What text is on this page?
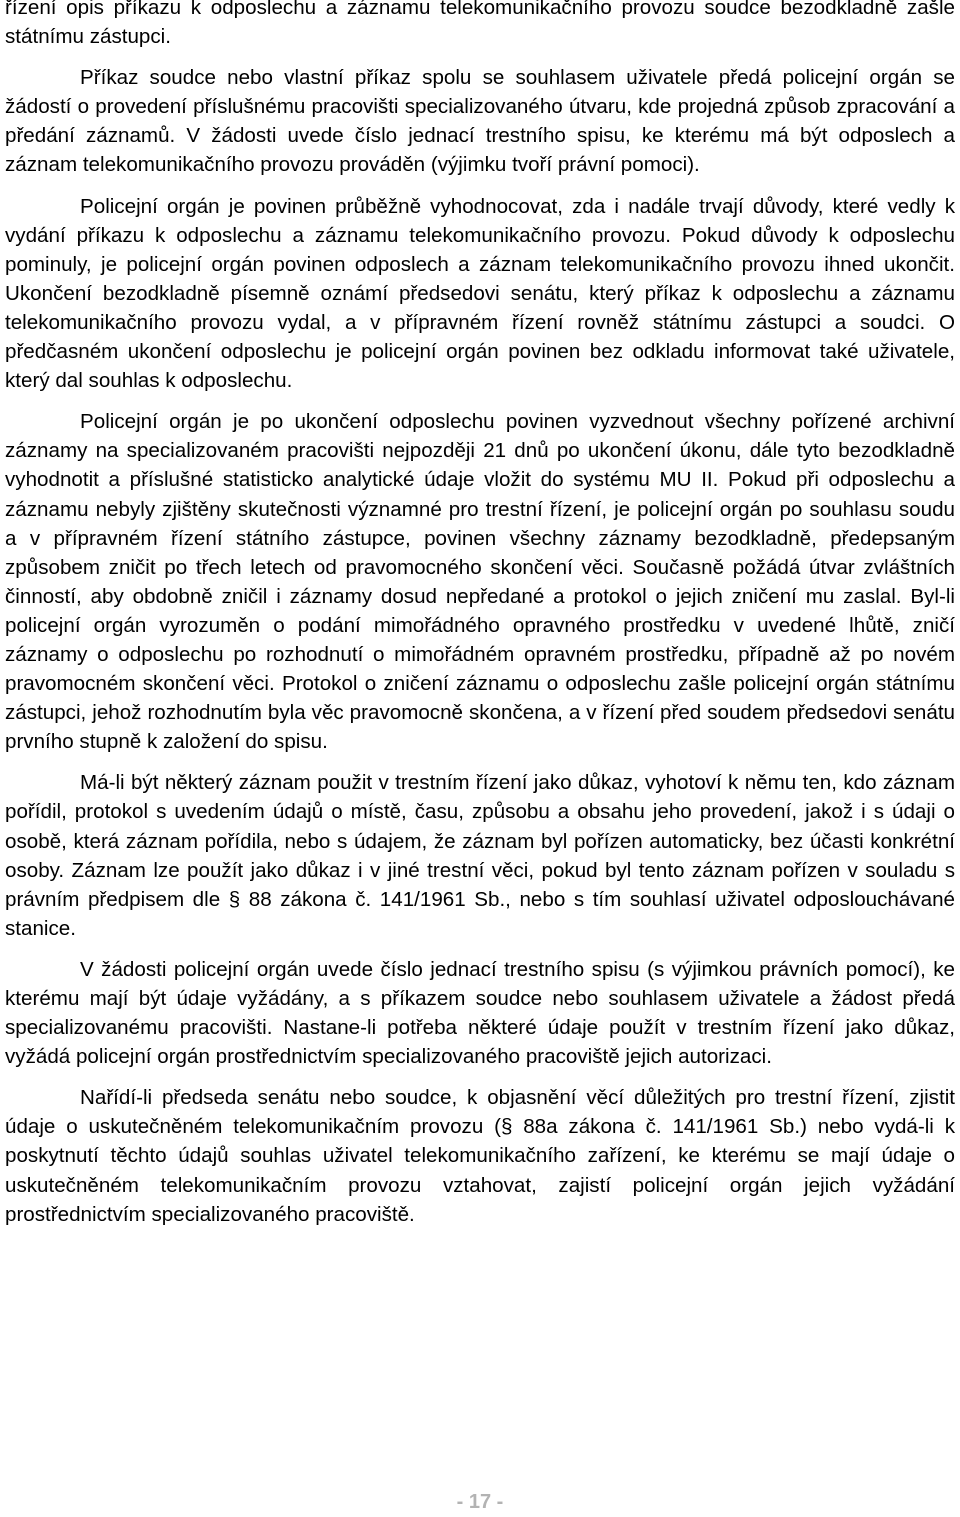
řízení opis příkazu k odposlechu a záznamu telekomunikačního provozu soudce bezodkladně zašle státnímu zástupci.

Příkaz soudce nebo vlastní příkaz spolu se souhlasem uživatele předá policejní orgán se žádostí o provedení příslušnému pracovišti specializovaného útvaru, kde projedná způsob zpracování a předání záznamů. V žádosti uvede číslo jednací trestního spisu, ke kterému má být odposlech a záznam telekomunikačního provozu prováděn (výjimku tvoří právní pomoci).

Policejní orgán je povinen průběžně vyhodnocovat, zda i nadále trvají důvody, které vedly k vydání příkazu k odposlechu a záznamu telekomunikačního provozu. Pokud důvody k odposlechu pominuly, je policejní orgán povinen odposlech a záznam telekomunikačního provozu ihned ukončit. Ukončení bezodkladně písemně oznámí předsedovi senátu, který příkaz k odposlechu a záznamu telekomunikačního provozu vydal, a v přípravném řízení rovněž státnímu zástupci a soudci. O předčasném ukončení odposlechu je policejní orgán povinen bez odkladu informovat také uživatele, který dal souhlas k odposlechu.

Policejní orgán je po ukončení odposlechu povinen vyzvednout všechny pořízené archivní záznamy na specializovaném pracovišti nejpozději 21 dnů po ukončení úkonu, dále tyto bezodkladně vyhodnotit a příslušné statisticko analytické údaje vložit do systému MU II. Pokud při odposlechu a záznamu nebyly zjištěny skutečnosti významné pro trestní řízení, je policejní orgán po souhlasu soudu a v přípravném řízení státního zástupce, povinen všechny záznamy bezodkladně, předepsaným způsobem zničit po třech letech od pravomocného skončení věci. Současně požádá útvar zvláštních činností, aby obdobně zničil i záznamy dosud nepředané a protokol o jejich zničení mu zaslal. Byl-li policejní orgán vyrozuměn o podání mimořádného opravného prostředku v uvedené lhůtě, zničí záznamy o odposlechu po rozhodnutí o mimořádném opravném prostředku, případně až po novém pravomocném skončení věci. Protokol o zničení záznamu o odposlechu zašle policejní orgán státnímu zástupci, jehož rozhodnutím byla věc pravomocně skončena, a v řízení před soudem předsedovi senátu prvního stupně k založení do spisu.

Má-li být některý záznam použit v trestním řízení jako důkaz, vyhotoví k němu ten, kdo záznam pořídil, protokol s uvedením údajů o místě, času, způsobu a obsahu jeho provedení, jakož i s údaji o osobě, která záznam pořídila, nebo s údajem, že záznam byl pořízen automaticky, bez účasti konkrétní osoby. Záznam lze použít jako důkaz i v jiné trestní věci, pokud byl tento záznam pořízen v souladu s právním předpisem dle § 88 zákona č. 141/1961 Sb., nebo s tím souhlasí uživatel odposlouchávané stanice.

V žádosti policejní orgán uvede číslo jednací trestního spisu (s výjimkou právních pomocí), ke kterému mají být údaje vyžádány, a s příkazem soudce nebo souhlasem uživatele a žádost předá specializovanému pracovišti. Nastane-li potřeba některé údaje použít v trestním řízení jako důkaz, vyžádá policejní orgán prostřednictvím specializovaného pracoviště jejich autorizaci.

Nařídí-li předseda senátu nebo soudce, k objasnění věcí důležitých pro trestní řízení, zjistit údaje o uskutečněném telekomunikačním provozu (§ 88a zákona č. 141/1961 Sb.) nebo vydá-li k poskytnutí těchto údajů souhlas uživatel telekomunikačního zařízení, ke kterému se mají údaje o uskutečněném telekomunikačním provozu vztahovat, zajistí policejní orgán jejich vyžádání prostřednictvím specializovaného pracoviště.

- 17 -
